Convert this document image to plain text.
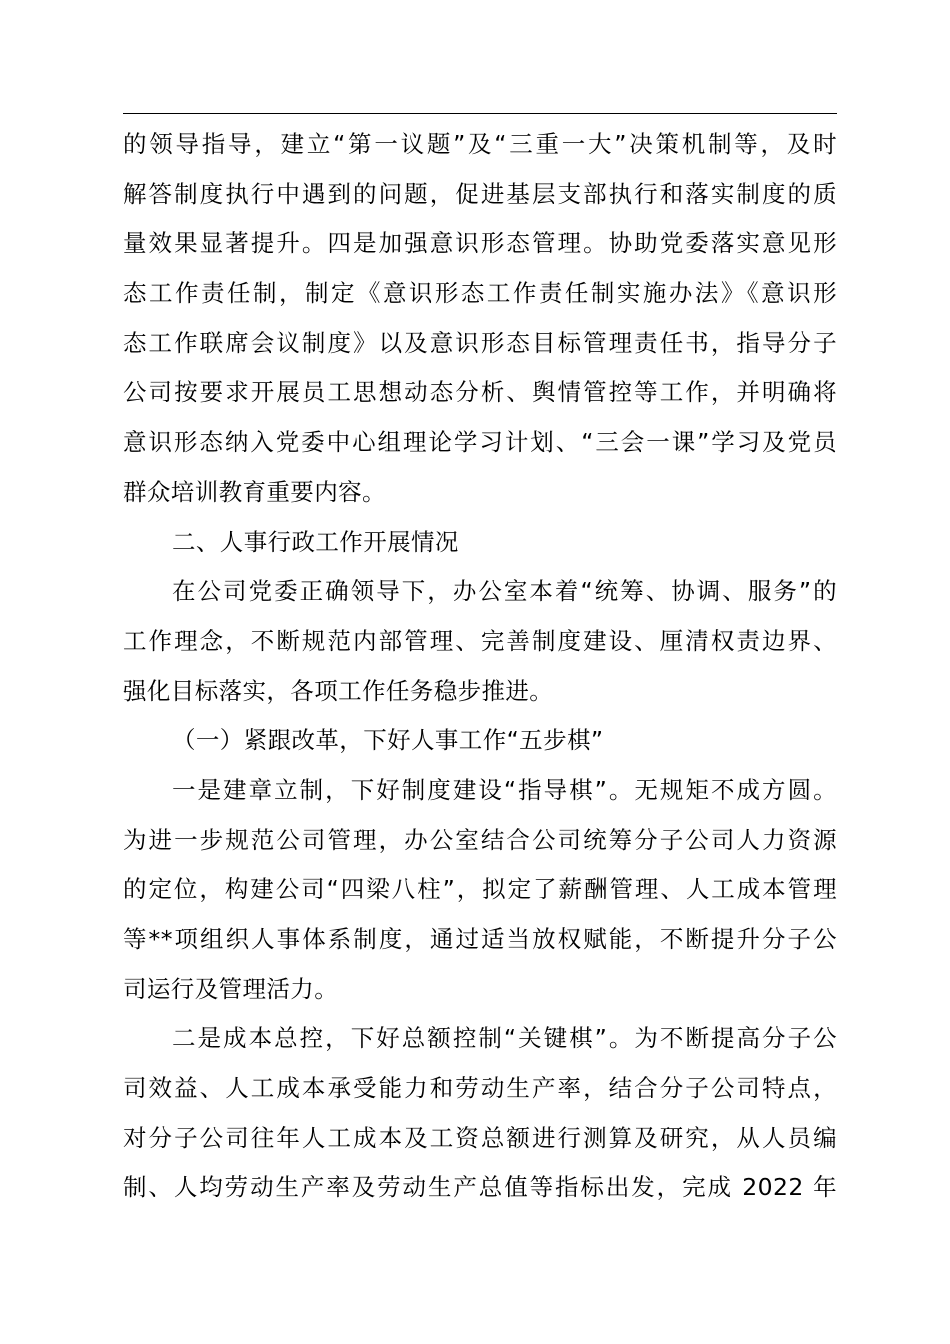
的领导指导，建立“第一议题”及“三重一大”决策机制等，及时
解答制度执行中遇到的问题，促进基层支部执行和落实制度的质
量效果显著提升。四是加强意识形态管理。协助党委落实意见形
态工作责任制，制定《意识形态工作责任制实施办法》《意识形
态工作联席会议制度》以及意识形态目标管理责任书，指导分子
公司按要求开展员工思想动态分析、舆情管控等工作，并明确将
意识形态纳入党委中心组理论学习计划、“三会一课”学习及党员
群众培训教育重要内容。
二、人事行政工作开展情况
在公司党委正确领导下，办公室本着“统筹、协调、服务”的
工作理念，不断规范内部管理、完善制度建设、厘清权责边界、
强化目标落实，各项工作任务稳步推进。
（一）紧跟改革，下好人事工作“五步棋”
一是建章立制，下好制度建设“指导棋”。无规矩不成方圆。
为进一步规范公司管理，办公室结合公司统筹分子公司人力资源
的定位，构建公司“四梁八柱”，拟定了薪酬管理、人工成本管理
等**项组织人事体系制度，通过适当放权赋能，不断提升分子公
司运行及管理活力。
二是成本总控，下好总额控制“关键棋”。为不断提高分子公
司效益、人工成本承受能力和劳动生产率，结合分子公司特点，
对分子公司往年人工成本及工资总额进行测算及研究，从人员编
制、人均劳动生产率及劳动生产总值等指标出发，完成 2022 年
